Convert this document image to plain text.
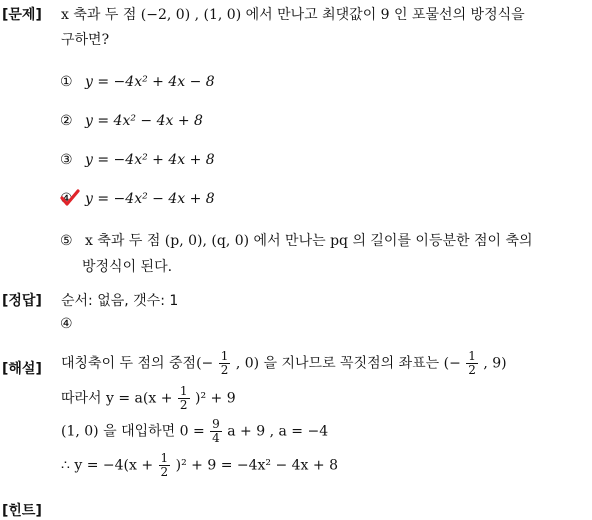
[문제] x 축과 두 점 (−2, 0) , (1, 0) 에서 만나고 최댓값이 9 인 포물선의 방정식을
구하면?
① y = −4x² + 4x − 8
② y = 4x² − 4x + 8
③ y = −4x² + 4x + 8
④ y = −4x² − 4x + 8
⑤ x 축과 두 점 (p, 0), (q, 0) 에서 만나는 pq 의 길이를 이등분한 점이 축의
방정식이 된다.
[정답] 순서: 없음, 갯수: 1
④
[해설] 대칭축이 두 점의 중점(− $\frac{1}{2}$ , 0) 을 지나므로 꼭짓점의 좌표는 (− $\frac{1}{2}$ , 9)
따라서 $y = a(x + \frac{1}{2} )^2 + 9$
(1, 0) 을 대입하면 $0 = \frac{9}{4}$ a + 9 , a = −4
∴ $y = -4(x + \frac{1}{2} )^2 + 9 = -4x^2 - 4x + 8$
[힌트]
